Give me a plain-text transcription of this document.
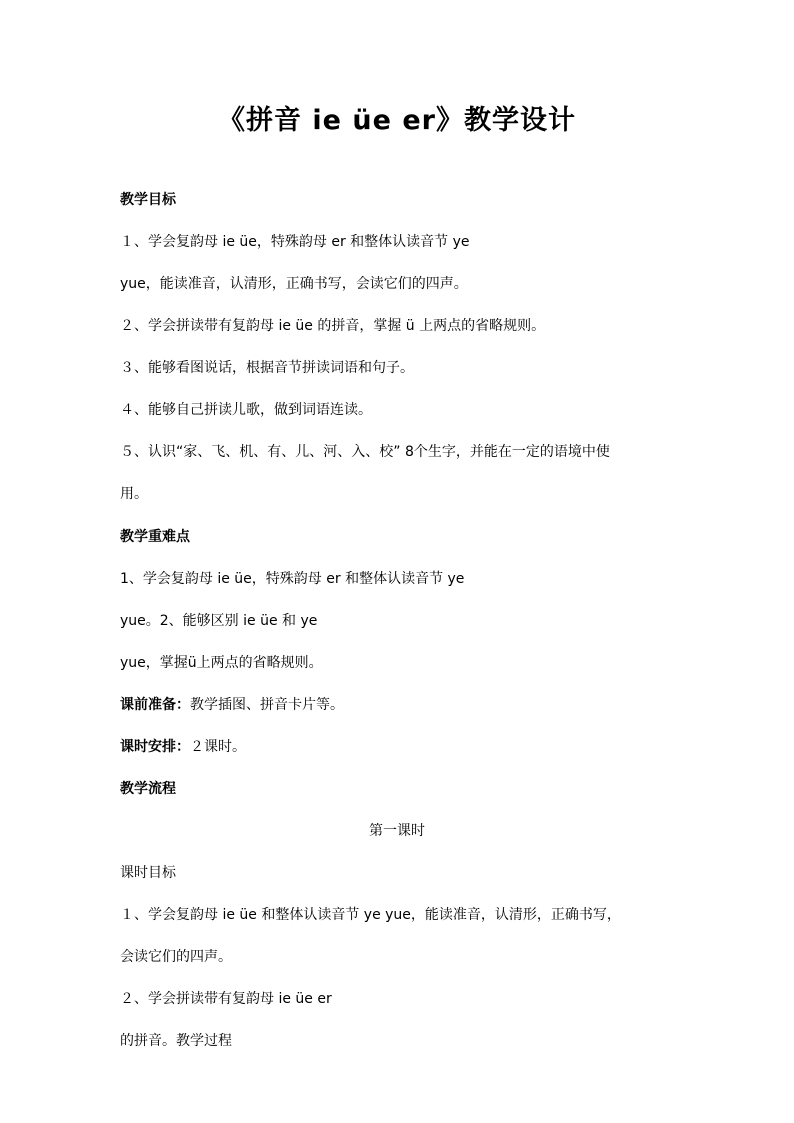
《拼音 ie üe er》教学设计
教学目标
１、学会复韵母 ie üe，特殊韵母 er 和整体认读音节 ye
yue，能读准音，认清形，正确书写，会读它们的四声。
２、学会拼读带有复韵母 ie üe 的拼音，掌握 ü 上两点的省略规则。
３、能够看图说话，根据音节拼读词语和句子。
４、能够自己拼读儿歌，做到词语连读。
５、认识“家、飞、机、有、儿、河、入、校” 8个生字，并能在一定的语境中使
用。
教学重难点
1、学会复韵母 ie üe，特殊韵母 er 和整体认读音节 ye
yue。2、能够区别 ie üe 和 ye
yue，掌握ü上两点的省略规则。
课前准备：教学插图、拼音卡片等。
课时安排：２课时。
教学流程
第一课时
课时目标
１、学会复韵母 ie üe 和整体认读音节 ye yue，能读准音，认清形，正确书写，
会读它们的四声。
２、学会拼读带有复韵母 ie üe er
的拼音。教学过程
